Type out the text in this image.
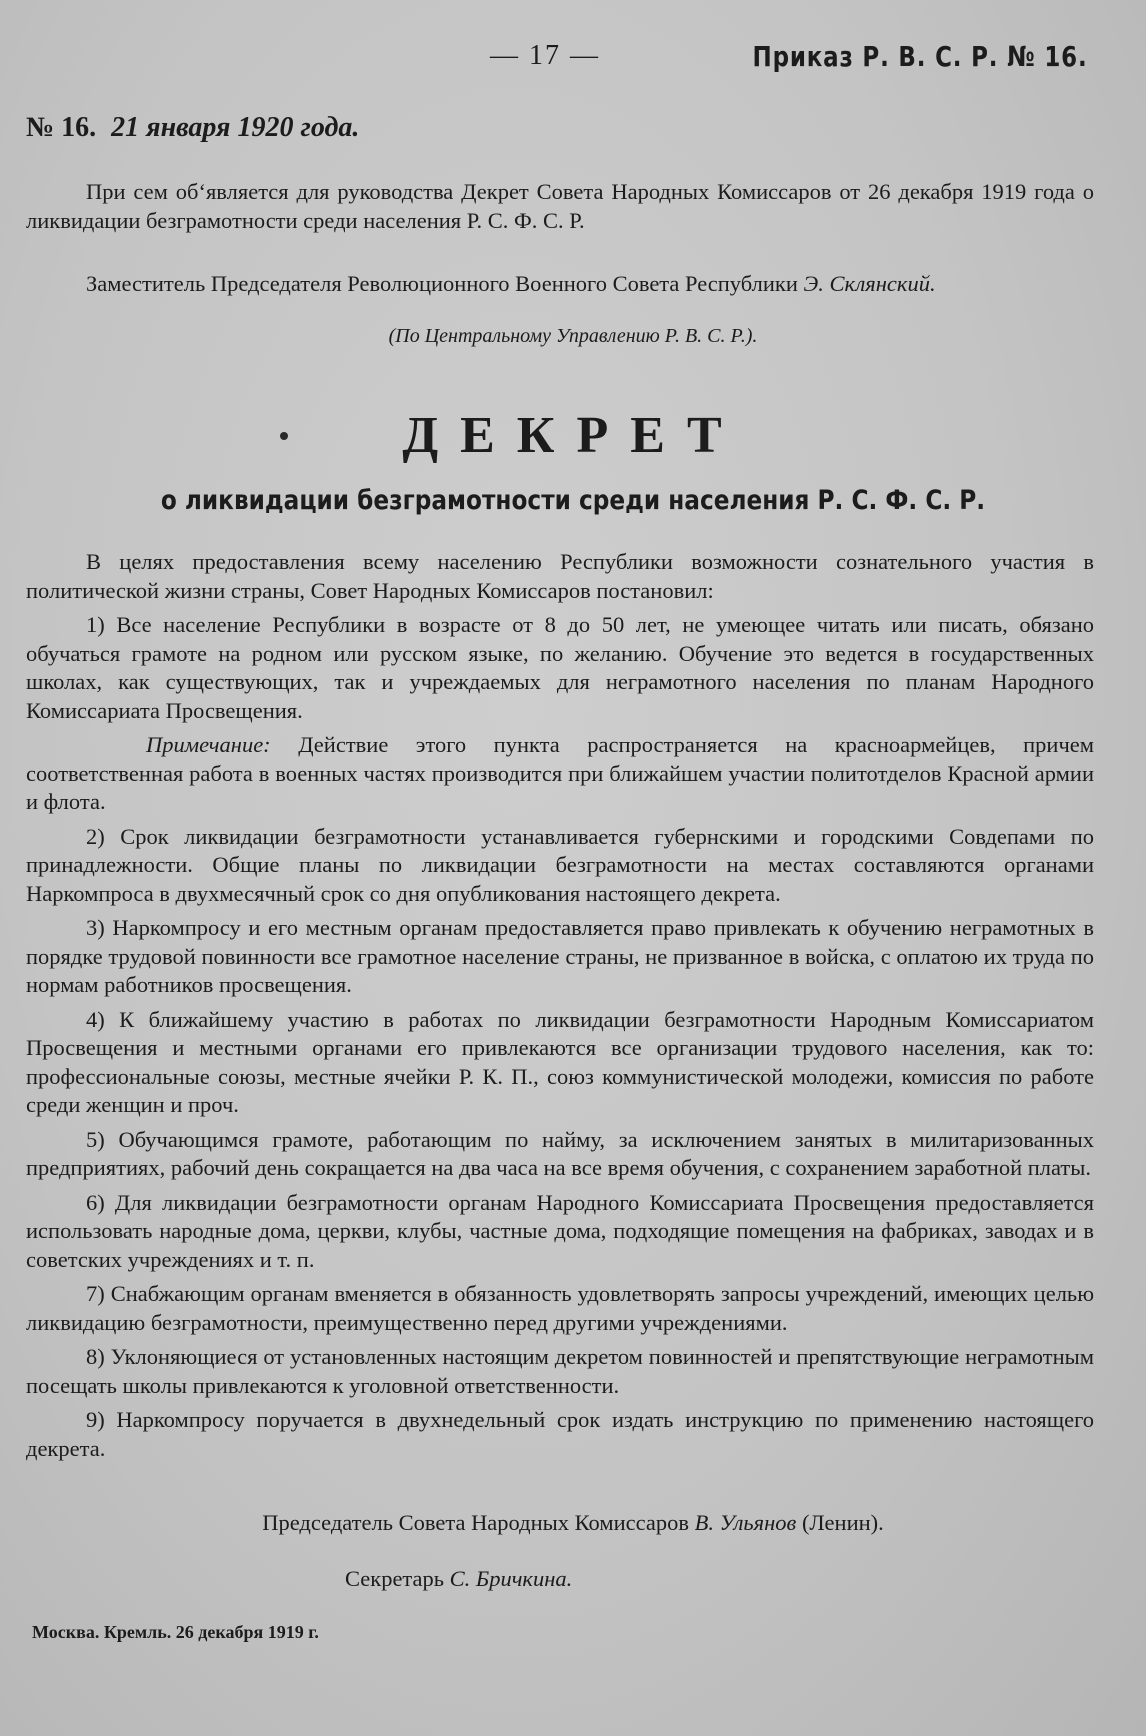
— 17 —	Приказ Р. В. С. Р. № 16.
№ 16. 21 января 1920 года.

При сем об‘является для руководства Декрет Совета Народных Комиссаров от 26 декабря 1919 года о ликвидации безграмотности среди населения Р. С. Ф. С. Р.

Заместитель Председателя Революционного Военного Совета Республики Э. Склянский.
(По Центральному Управлению Р. В. С. Р.).
ДЕКРЕТ
о ликвидации безграмотности среди населения Р. С. Ф. С. Р.

В целях предоставления всему населению Республики возможности сознательного участия в политической жизни страны, Совет Народных Комиссаров постановил:

1) Все население Республики в возрасте от 8 до 50 лет, не умеющее читать или писать, обязано обучаться грамоте на родном или русском языке, по желанию. Обучение это ведется в государственных школах, как существующих, так и учреждаемых для неграмотного населения по планам Народного Комиссариата Просвещения.

Примечание: Действие этого пункта распространяется на красноармейцев, причем соответственная работа в военных частях производится при ближайшем участии политотделов Красной армии и флота.

2) Срок ликвидации безграмотности устанавливается губернскими и городскими Совдепами по принадлежности. Общие планы по ликвидации безграмотности на местах составляются органами Наркомпроса в двухмесячный срок со дня опубликования настоящего декрета.

3) Наркомпросу и его местным органам предоставляется право привлекать к обучению неграмотных в порядке трудовой повинности все грамотное население страны, не призванное в войска, с оплатою их труда по нормам работников просвещения.

4) К ближайшему участию в работах по ликвидации безграмотности Народным Комиссариатом Просвещения и местными органами его привлекаются все организации трудового населения, как то: профессиональные союзы, местные ячейки Р. К. П., союз коммунистической молодежи, комиссия по работе среди женщин и проч.

5) Обучающимся грамоте, работающим по найму, за исключением занятых в милитаризованных предприятиях, рабочий день сокращается на два часа на все время обучения, с сохранением заработной платы.

6) Для ликвидации безграмотности органам Народного Комиссариата Просвещения предоставляется использовать народные дома, церкви, клубы, частные дома, подходящие помещения на фабриках, заводах и в советских учреждениях и т. п.

7) Снабжающим органам вменяется в обязанность удовлетворять запросы учреждений, имеющих целью ликвидацию безграмотности, преимущественно перед другими учреждениями.

8) Уклоняющиеся от установленных настоящим декретом повинностей и препятствующие неграмотным посещать школы привлекаются к уголовной ответственности.

9) Наркомпросу поручается в двухнедельный срок издать инструкцию по применению настоящего декрета.

Председатель Совета Народных Комиссаров В. Ульянов (Ленин).
Секретарь С. Бричкина.
Москва. Кремль. 26 декабря 1919 г.
